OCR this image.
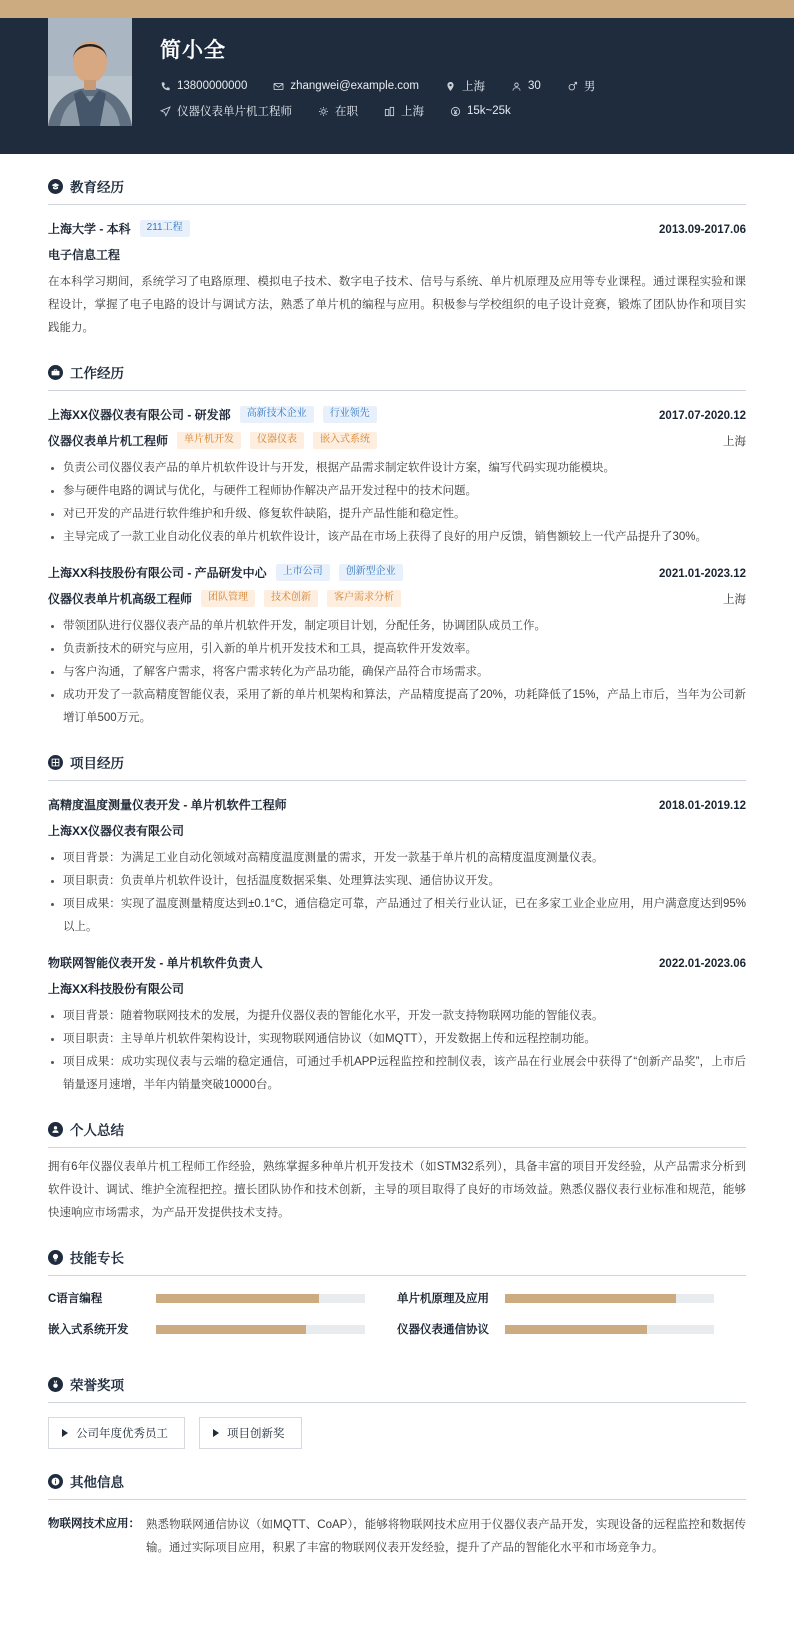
简小全
13800000000	zhangwei@example.com	上海	30	男
仪器仪表单片机工程师	在职	上海	15k~25k
教育经历
上海大学 - 本科	211工程	2013.09-2017.06
电子信息工程
在本科学习期间，系统学习了电路原理、模拟电子技术、数字电子技术、信号与系统、单片机原理及应用等专业课程。通过课程实验和课程设计，掌握了电子电路的设计与调试方法，熟悉了单片机的编程与应用。积极参与学校组织的电子设计竞赛，锻炼了团队协作和项目实践能力。
工作经历
上海XX仪器仪表有限公司 - 研发部	高新技术企业	行业领先	2017.07-2020.12
仪器仪表单片机工程师	单片机开发	仪器仪表	嵌入式系统	上海
负责公司仪器仪表产品的单片机软件设计与开发，根据产品需求制定软件设计方案，编写代码实现功能模块。
参与硬件电路的调试与优化，与硬件工程师协作解决产品开发过程中的技术问题。
对已开发的产品进行软件维护和升级、修复软件缺陷，提升产品性能和稳定性。
主导完成了一款工业自动化仪表的单片机软件设计，该产品在市场上获得了良好的用户反馈，销售额较上一代产品提升了30%。
上海XX科技股份有限公司 - 产品研发中心	上市公司	创新型企业	2021.01-2023.12
仪器仪表单片机高级工程师	团队管理	技术创新	客户需求分析	上海
带领团队进行仪器仪表产品的单片机软件开发，制定项目计划，分配任务，协调团队成员工作。
负责新技术的研究与应用，引入新的单片机开发技术和工具，提高软件开发效率。
与客户沟通，了解客户需求，将客户需求转化为产品功能，确保产品符合市场需求。
成功开发了一款高精度智能仪表，采用了新的单片机架构和算法，产品精度提高了20%，功耗降低了15%，产品上市后，当年为公司新增订单500万元。
项目经历
高精度温度测量仪表开发 - 单片机软件工程师	2018.01-2019.12
上海XX仪器仪表有限公司
项目背景：为满足工业自动化领域对高精度温度测量的需求，开发一款基于单片机的高精度温度测量仪表。
项目职责：负责单片机软件设计，包括温度数据采集、处理算法实现、通信协议开发。
项目成果：实现了温度测量精度达到±0.1°C，通信稳定可靠，产品通过了相关行业认证，已在多家工业企业应用，用户满意度达到95%以上。
物联网智能仪表开发 - 单片机软件负责人	2022.01-2023.06
上海XX科技股份有限公司
项目背景：随着物联网技术的发展，为提升仪器仪表的智能化水平，开发一款支持物联网功能的智能仪表。
项目职责：主导单片机软件架构设计，实现物联网通信协议（如MQTT），开发数据上传和远程控制功能。
项目成果：成功实现仪表与云端的稳定通信，可通过手机APP远程监控和控制仪表，该产品在行业展会中获得了“创新产品奖”，上市后销量逐月速增，半年内销量突破10000台。
个人总结
拥有6年仪器仪表单片机工程师工作经验，熟练掌握多种单片机开发技术（如STM32系列），具备丰富的项目开发经验，从产品需求分析到软件设计、调试、维护全流程把控。擅长团队协作和技术创新，主导的项目取得了良好的市场效益。熟悉仪器仪表行业标准和规范，能够快速响应市场需求，为产品开发提供技术支持。
技能专长
C语言编程	单片机原理及应用
嵌入式系统开发	仪器仪表通信协议
荣誉奖项
公司年度优秀员工	项目创新奖
其他信息
物联网技术应用： 熟悉物联网通信协议（如MQTT、CoAP），能够将物联网技术应用于仪器仪表产品开发，实现设备的远程监控和数据传输。通过实际项目应用，积累了丰富的物联网仪表开发经验，提升了产品的智能化水平和市场竞争力。
